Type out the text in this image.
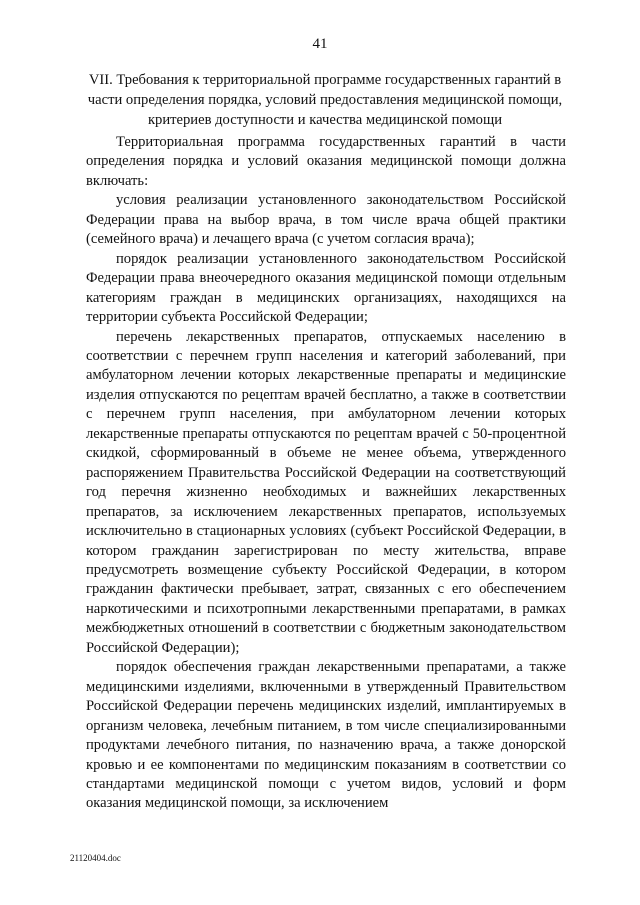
41
VII. Требования к территориальной программе государственных гарантий в части определения порядка, условий предоставления медицинской помощи, критериев доступности и качества медицинской помощи

Территориальная программа государственных гарантий в части определения порядка и условий оказания медицинской помощи должна включать:

условия реализации установленного законодательством Российской Федерации права на выбор врача, в том числе врача общей практики (семейного врача) и лечащего врача (с учетом согласия врача);

порядок реализации установленного законодательством Российской Федерации права внеочередного оказания медицинской помощи отдельным категориям граждан в медицинских организациях, находящихся на территории субъекта Российской Федерации;

перечень лекарственных препаратов, отпускаемых населению в соответствии с перечнем групп населения и категорий заболеваний, при амбулаторном лечении которых лекарственные препараты и медицинские изделия отпускаются по рецептам врачей бесплатно, а также в соответствии с перечнем групп населения, при амбулаторном лечении которых лекарственные препараты отпускаются по рецептам врачей с 50-процентной скидкой, сформированный в объеме не менее объема, утвержденного распоряжением Правительства Российской Федерации на соответствующий год перечня жизненно необходимых и важнейших лекарственных препаратов, за исключением лекарственных препаратов, используемых исключительно в стационарных условиях (субъект Российской Федерации, в котором гражданин зарегистрирован по месту жительства, вправе предусмотреть возмещение субъекту Российской Федерации, в котором гражданин фактически пребывает, затрат, связанных с его обеспечением наркотическими и психотропными лекарственными препаратами, в рамках межбюджетных отношений в соответствии с бюджетным законодательством Российской Федерации);

порядок обеспечения граждан лекарственными препаратами, а также медицинскими изделиями, включенными в утвержденный Правительством Российской Федерации перечень медицинских изделий, имплантируемых в организм человека, лечебным питанием, в том числе специализированными продуктами лечебного питания, по назначению врача, а также донорской кровью и ее компонентами по медицинским показаниям в соответствии со стандартами медицинской помощи с учетом видов, условий и форм оказания медицинской помощи, за исключением

21120404.doc
